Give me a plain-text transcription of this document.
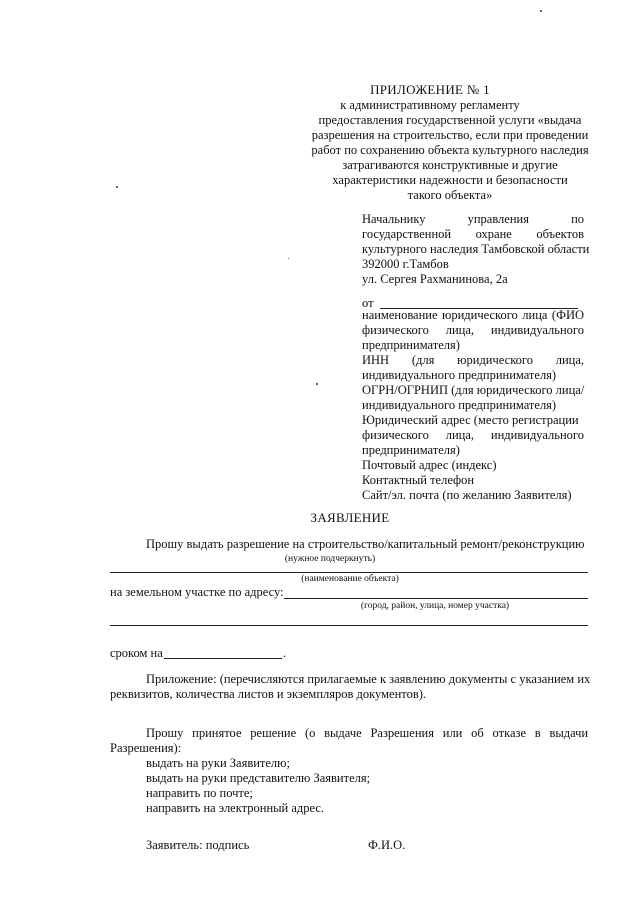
ПРИЛОЖЕНИЕ № 1
к административному регламенту
предоставления государственной услуги «выдача
разрешения на строительство, если при проведении
работ по сохранению объекта культурного наследия
затрагиваются конструктивные и другие
характеристики надежности и безопасности
такого объекта»
Начальнику	управления	по
государственной охране объектов
культурного наследия Тамбовской области
392000 г.Тамбов
ул. Сергея Рахманинова, 2а
от
наименование юридического лица (ФИО
физического лица, индивидуального
предпринимателя)
ИНН (для юридического лица,
индивидуального предпринимателя)
ОГРН/ОГРНИП (для юридического лица/
индивидуального предпринимателя)
Юридический адрес (место регистрации
физического лица, индивидуального
предпринимателя)
Почтовый адрес (индекс)
Контактный телефон
Сайт/эл. почта (по желанию Заявителя)
ЗАЯВЛЕНИЕ
Прошу выдать разрешение на строительство/капитальный ремонт/реконструкцию
(нужное подчеркнуть)
(наименование объекта)
на земельном участке по адресу:
(город, район, улица, номер участка)
сроком на	.
Приложение: (перечисляются прилагаемые к заявлению документы с указанием их
реквизитов, количества листов и экземпляров документов).
Прошу принятое решение (о выдаче Разрешения или об отказе в выдачи
Разрешения):
выдать на руки Заявителю;
выдать на руки представителю Заявителя;
направить по почте;
направить на электронный адрес.
Заявитель: подпись	Ф.И.О.
